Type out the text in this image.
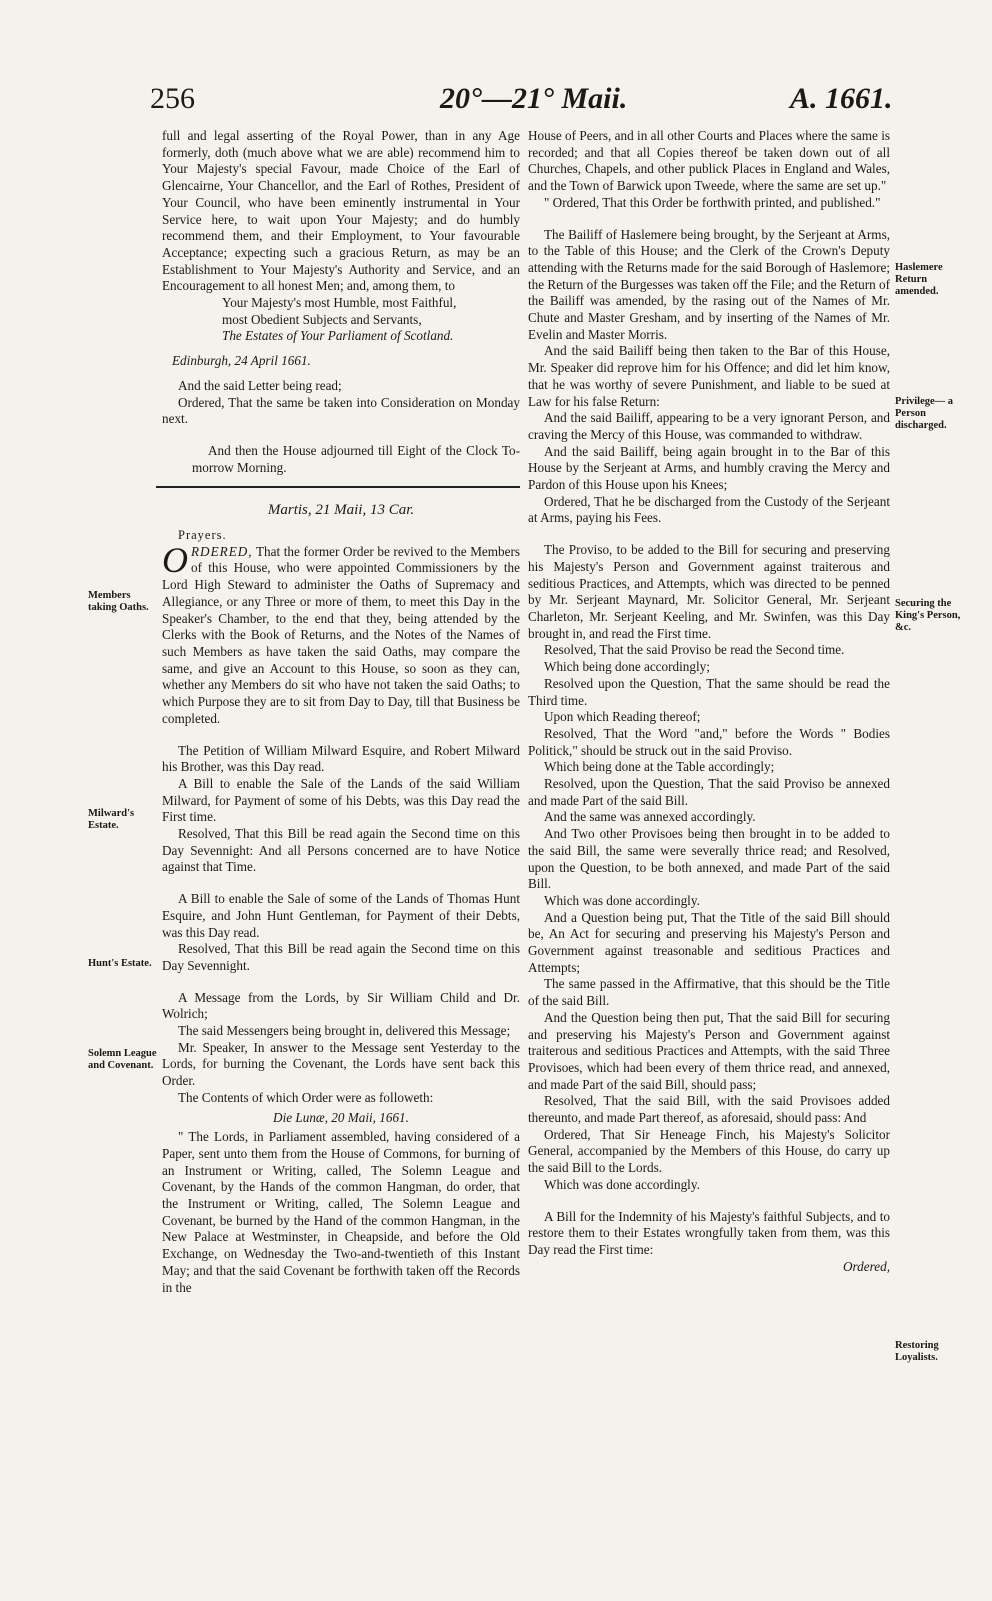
256	20°—21° Maii.	A. 1661.
Members taking Oaths.
Milward's Estate.
Hunt's Estate.
Solemn League and Covenant.
Haslemere Return amended.
Privilege— a Person discharged.
Securing the King's Person, &c.
Restoring Loyalists.

full and legal asserting of the Royal Power, than in any Age formerly, doth (much above what we are able) recommend him to Your Majesty's special Favour, made Choice of the Earl of Glencairne, Your Chancellor, and the Earl of Rothes, President of Your Council, who have been eminently instrumental in Your Service here, to wait upon Your Majesty; and do humbly recommend them, and their Employment, to Your favourable Acceptance; expecting such a gracious Return, as may be an Establishment to Your Majesty's Authority and Service, and an Encouragement to all honest Men; and, among them, to

Your Majesty's most Humble, most Faithful,

most Obedient Subjects and Servants,

The Estates of Your Parliament of Scotland.

Edinburgh, 24 April 1661.

And the said Letter being read;

Ordered, That the same be taken into Consideration on Monday next.

And then the House adjourned till Eight of the Clock To-morrow Morning.

Martis, 21 Maii, 13 Car.

Prayers.

ORDERED, That the former Order be revived to the Members of this House, who were appointed Commissioners by the Lord High Steward to administer the Oaths of Supremacy and Allegiance, or any Three or more of them, to meet this Day in the Speaker's Chamber, to the end that they, being attended by the Clerks with the Book of Returns, and the Notes of the Names of such Members as have taken the said Oaths, may compare the same, and give an Account to this House, so soon as they can, whether any Members do sit who have not taken the said Oaths; to which Purpose they are to sit from Day to Day, till that Business be completed.

The Petition of William Milward Esquire, and Robert Milward his Brother, was this Day read.

A Bill to enable the Sale of the Lands of the said William Milward, for Payment of some of his Debts, was this Day read the First time.

Resolved, That this Bill be read again the Second time on this Day Sevennight: And all Persons concerned are to have Notice against that Time.

A Bill to enable the Sale of some of the Lands of Thomas Hunt Esquire, and John Hunt Gentleman, for Payment of their Debts, was this Day read.

Resolved, That this Bill be read again the Second time on this Day Sevennight.

A Message from the Lords, by Sir William Child and Dr. Wolrich;

The said Messengers being brought in, delivered this Message;

Mr. Speaker, In answer to the Message sent Yesterday to the Lords, for burning the Covenant, the Lords have sent back this Order.

The Contents of which Order were as followeth:

Die Lunæ, 20 Maii, 1661.

" The Lords, in Parliament assembled, having considered of a Paper, sent unto them from the House of Commons, for burning of an Instrument or Writing, called, The Solemn League and Covenant, by the Hands of the common Hangman, do order, that the Instrument or Writing, called, The Solemn League and Covenant, be burned by the Hand of the common Hangman, in the New Palace at Westminster, in Cheapside, and before the Old Exchange, on Wednesday the Two-and-twentieth of this Instant May; and that the said Covenant be forthwith taken off the Records in the

House of Peers, and in all other Courts and Places where the same is recorded; and that all Copies thereof be taken down out of all Churches, Chapels, and other publick Places in England and Wales, and the Town of Barwick upon Tweede, where the same are set up."

" Ordered, That this Order be forthwith printed, and published."

The Bailiff of Haslemere being brought, by the Serjeant at Arms, to the Table of this House; and the Clerk of the Crown's Deputy attending with the Returns made for the said Borough of Haslemore; the Return of the Burgesses was taken off the File; and the Return of the Bailiff was amended, by the rasing out of the Names of Mr. Chute and Master Gresham, and by inserting of the Names of Mr. Evelin and Master Morris.

And the said Bailiff being then taken to the Bar of this House, Mr. Speaker did reprove him for his Offence; and did let him know, that he was worthy of severe Punishment, and liable to be sued at Law for his false Return:

And the said Bailiff, appearing to be a very ignorant Person, and craving the Mercy of this House, was commanded to withdraw.

And the said Bailiff, being again brought in to the Bar of this House by the Serjeant at Arms, and humbly craving the Mercy and Pardon of this House upon his Knees;

Ordered, That he be discharged from the Custody of the Serjeant at Arms, paying his Fees.

The Proviso, to be added to the Bill for securing and preserving his Majesty's Person and Government against traiterous and seditious Practices, and Attempts, which was directed to be penned by Mr. Serjeant Maynard, Mr. Solicitor General, Mr. Serjeant Charleton, Mr. Serjeant Keeling, and Mr. Swinfen, was this Day brought in, and read the First time.

Resolved, That the said Proviso be read the Second time.

Which being done accordingly;

Resolved upon the Question, That the same should be read the Third time.

Upon which Reading thereof;

Resolved, That the Word "and," before the Words " Bodies Politick," should be struck out in the said Proviso.

Which being done at the Table accordingly;

Resolved, upon the Question, That the said Proviso be annexed and made Part of the said Bill.

And the same was annexed accordingly.

And Two other Provisoes being then brought in to be added to the said Bill, the same were severally thrice read; and Resolved, upon the Question, to be both annexed, and made Part of the said Bill.

Which was done accordingly.

And a Question being put, That the Title of the said Bill should be, An Act for securing and preserving his Majesty's Person and Government against treasonable and seditious Practices and Attempts;

The same passed in the Affirmative, that this should be the Title of the said Bill.

And the Question being then put, That the said Bill for securing and preserving his Majesty's Person and Government against traiterous and seditious Practices and Attempts, with the said Three Provisoes, which had been every of them thrice read, and annexed, and made Part of the said Bill, should pass;

Resolved, That the said Bill, with the said Provisoes added thereunto, and made Part thereof, as aforesaid, should pass: And

Ordered, That Sir Heneage Finch, his Majesty's Solicitor General, accompanied by the Members of this House, do carry up the said Bill to the Lords.

Which was done accordingly.

A Bill for the Indemnity of his Majesty's faithful Subjects, and to restore them to their Estates wrongfully taken from them, was this Day read the First time:

Ordered,
